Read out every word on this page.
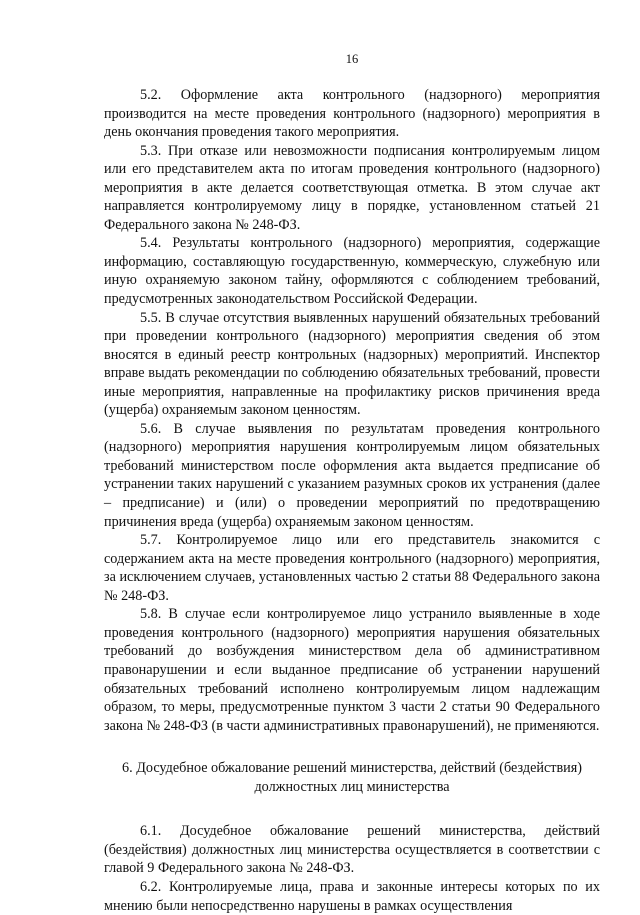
16

5.2. Оформление акта контрольного (надзорного) мероприятия производится на месте проведения контрольного (надзорного) мероприятия в день окончания проведения такого мероприятия.

5.3. При отказе или невозможности подписания контролируемым лицом или его представителем акта по итогам проведения контрольного (надзорного) мероприятия в акте делается соответствующая отметка. В этом случае акт направляется контролируемому лицу в порядке, установленном статьей 21 Федерального закона № 248-ФЗ.

5.4. Результаты контрольного (надзорного) мероприятия, содержащие информацию, составляющую государственную, коммерческую, служебную или иную охраняемую законом тайну, оформляются с соблюдением требований, предусмотренных законодательством Российской Федерации.

5.5. В случае отсутствия выявленных нарушений обязательных требований при проведении контрольного (надзорного) мероприятия сведения об этом вносятся в единый реестр контрольных (надзорных) мероприятий. Инспектор вправе выдать рекомендации по соблюдению обязательных требований, провести иные мероприятия, направленные на профилактику рисков причинения вреда (ущерба) охраняемым законом ценностям.

5.6. В случае выявления по результатам проведения контрольного (надзорного) мероприятия нарушения контролируемым лицом обязательных требований министерством после оформления акта выдается предписание об устранении таких нарушений с указанием разумных сроков их устранения (далее – предписание) и (или) о проведении мероприятий по предотвращению причинения вреда (ущерба) охраняемым законом ценностям.

5.7. Контролируемое лицо или его представитель знакомится с содержанием акта на месте проведения контрольного (надзорного) мероприятия, за исключением случаев, установленных частью 2 статьи 88 Федерального закона № 248-ФЗ.

5.8. В случае если контролируемое лицо устранило выявленные в ходе проведения контрольного (надзорного) мероприятия нарушения обязательных требований до возбуждения министерством дела об административном правонарушении и если выданное предписание об устранении нарушений обязательных требований исполнено контролируемым лицом надлежащим образом, то меры, предусмотренные пунктом 3 части 2 статьи 90 Федерального закона № 248-ФЗ (в части административных правонарушений), не применяются.

6. Досудебное обжалование решений министерства, действий (бездействия)
должностных лиц министерства

6.1. Досудебное обжалование решений министерства, действий (бездействия) должностных лиц министерства осуществляется в соответствии с главой 9 Федерального закона № 248-ФЗ.

6.2. Контролируемые лица, права и законные интересы которых по их мнению были непосредственно нарушены в рамках осуществления
